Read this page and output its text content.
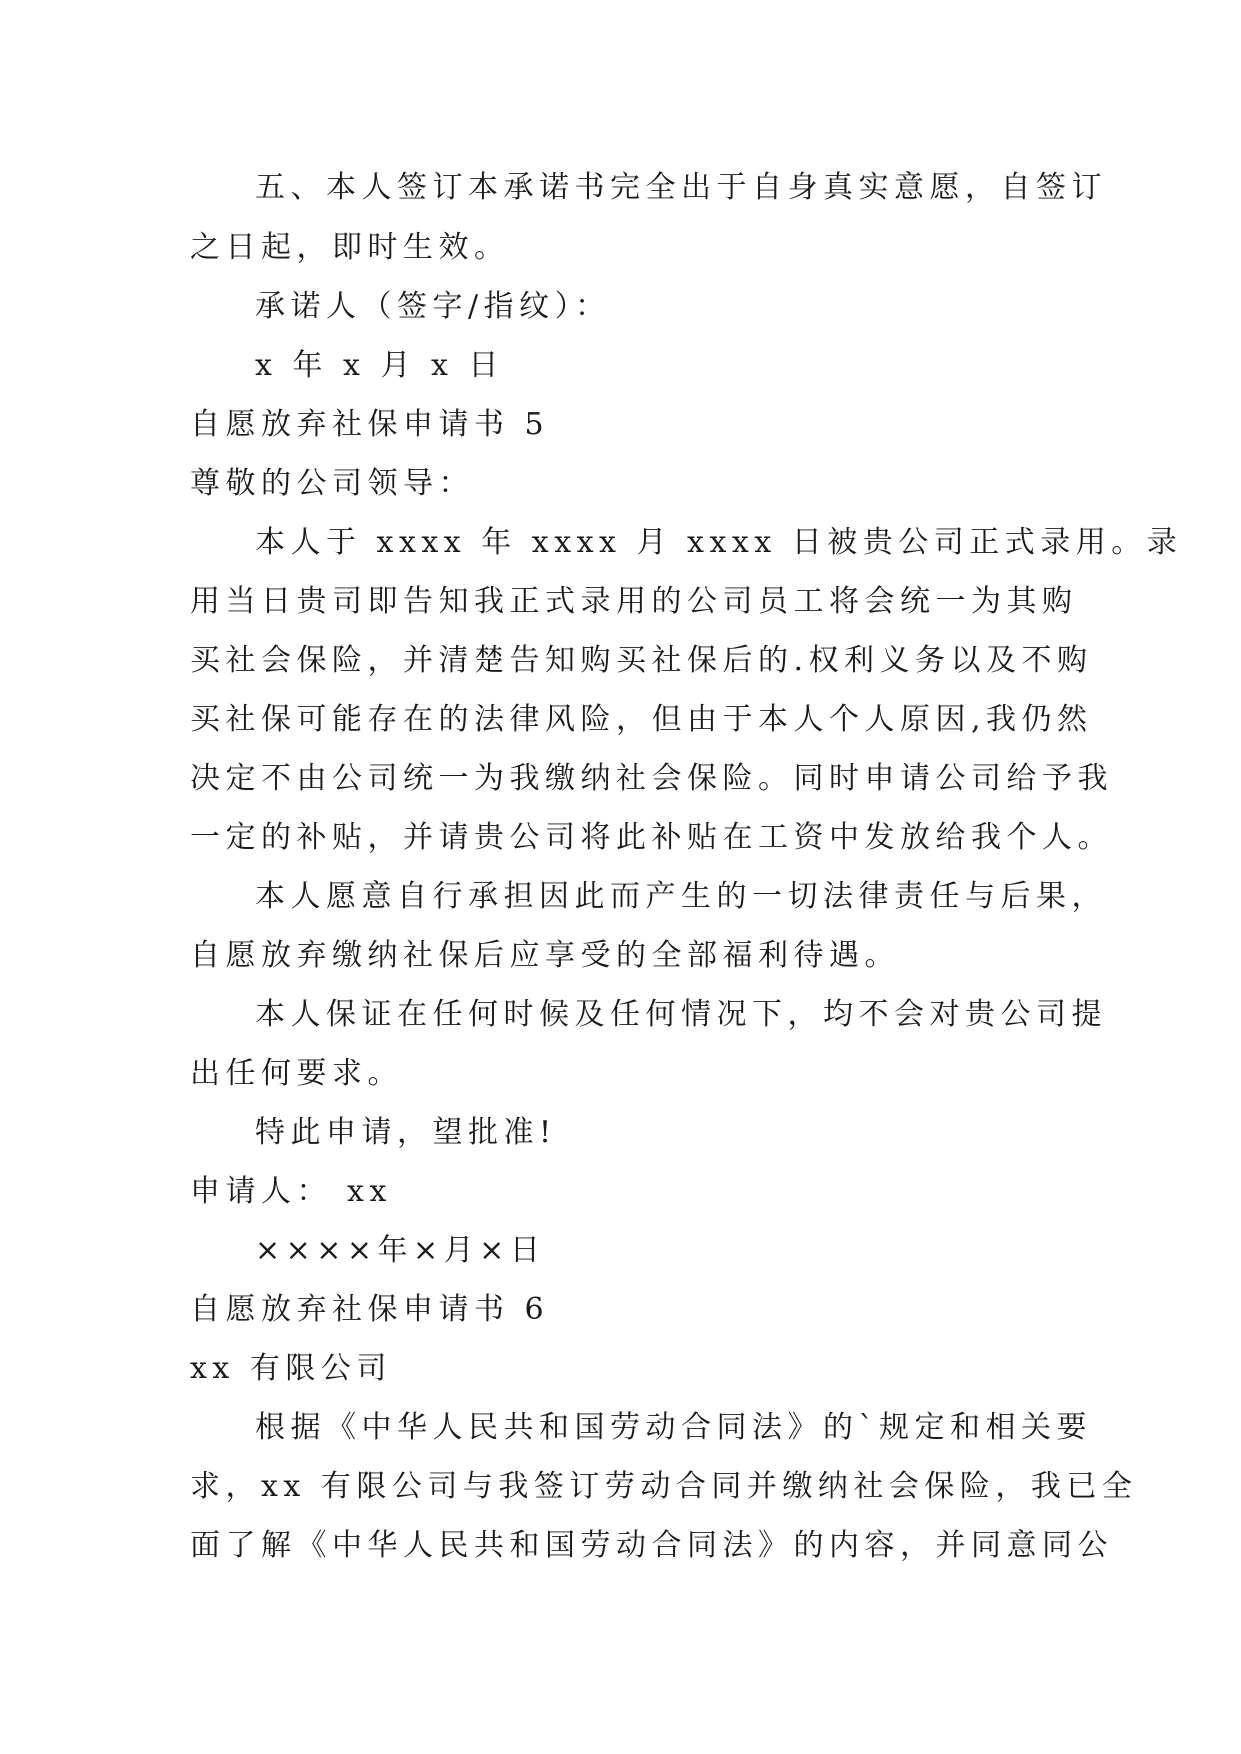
五、本人签订本承诺书完全出于自身真实意愿，自签订
之日起，即时生效。
承诺人（签字/指纹）：
x 年 x 月 x 日
自愿放弃社保申请书 5
尊敬的公司领导：
本人于 xxxx 年 xxxx 月 xxxx 日被贵公司正式录用。录
用当日贵司即告知我正式录用的公司员工将会统一为其购
买社会保险，并清楚告知购买社保后的.权利义务以及不购
买社保可能存在的法律风险，但由于本人个人原因,我仍然
决定不由公司统一为我缴纳社会保险。同时申请公司给予我
一定的补贴，并请贵公司将此补贴在工资中发放给我个人。
本人愿意自行承担因此而产生的一切法律责任与后果，
自愿放弃缴纳社保后应享受的全部福利待遇。
本人保证在任何时候及任何情况下，均不会对贵公司提
出任何要求。
特此申请，望批准!
申请人： xx
××××年×月×日
自愿放弃社保申请书 6
xx 有限公司
根据《中华人民共和国劳动合同法》的`规定和相关要
求，xx 有限公司与我签订劳动合同并缴纳社会保险，我已全
面了解《中华人民共和国劳动合同法》的内容，并同意同公
